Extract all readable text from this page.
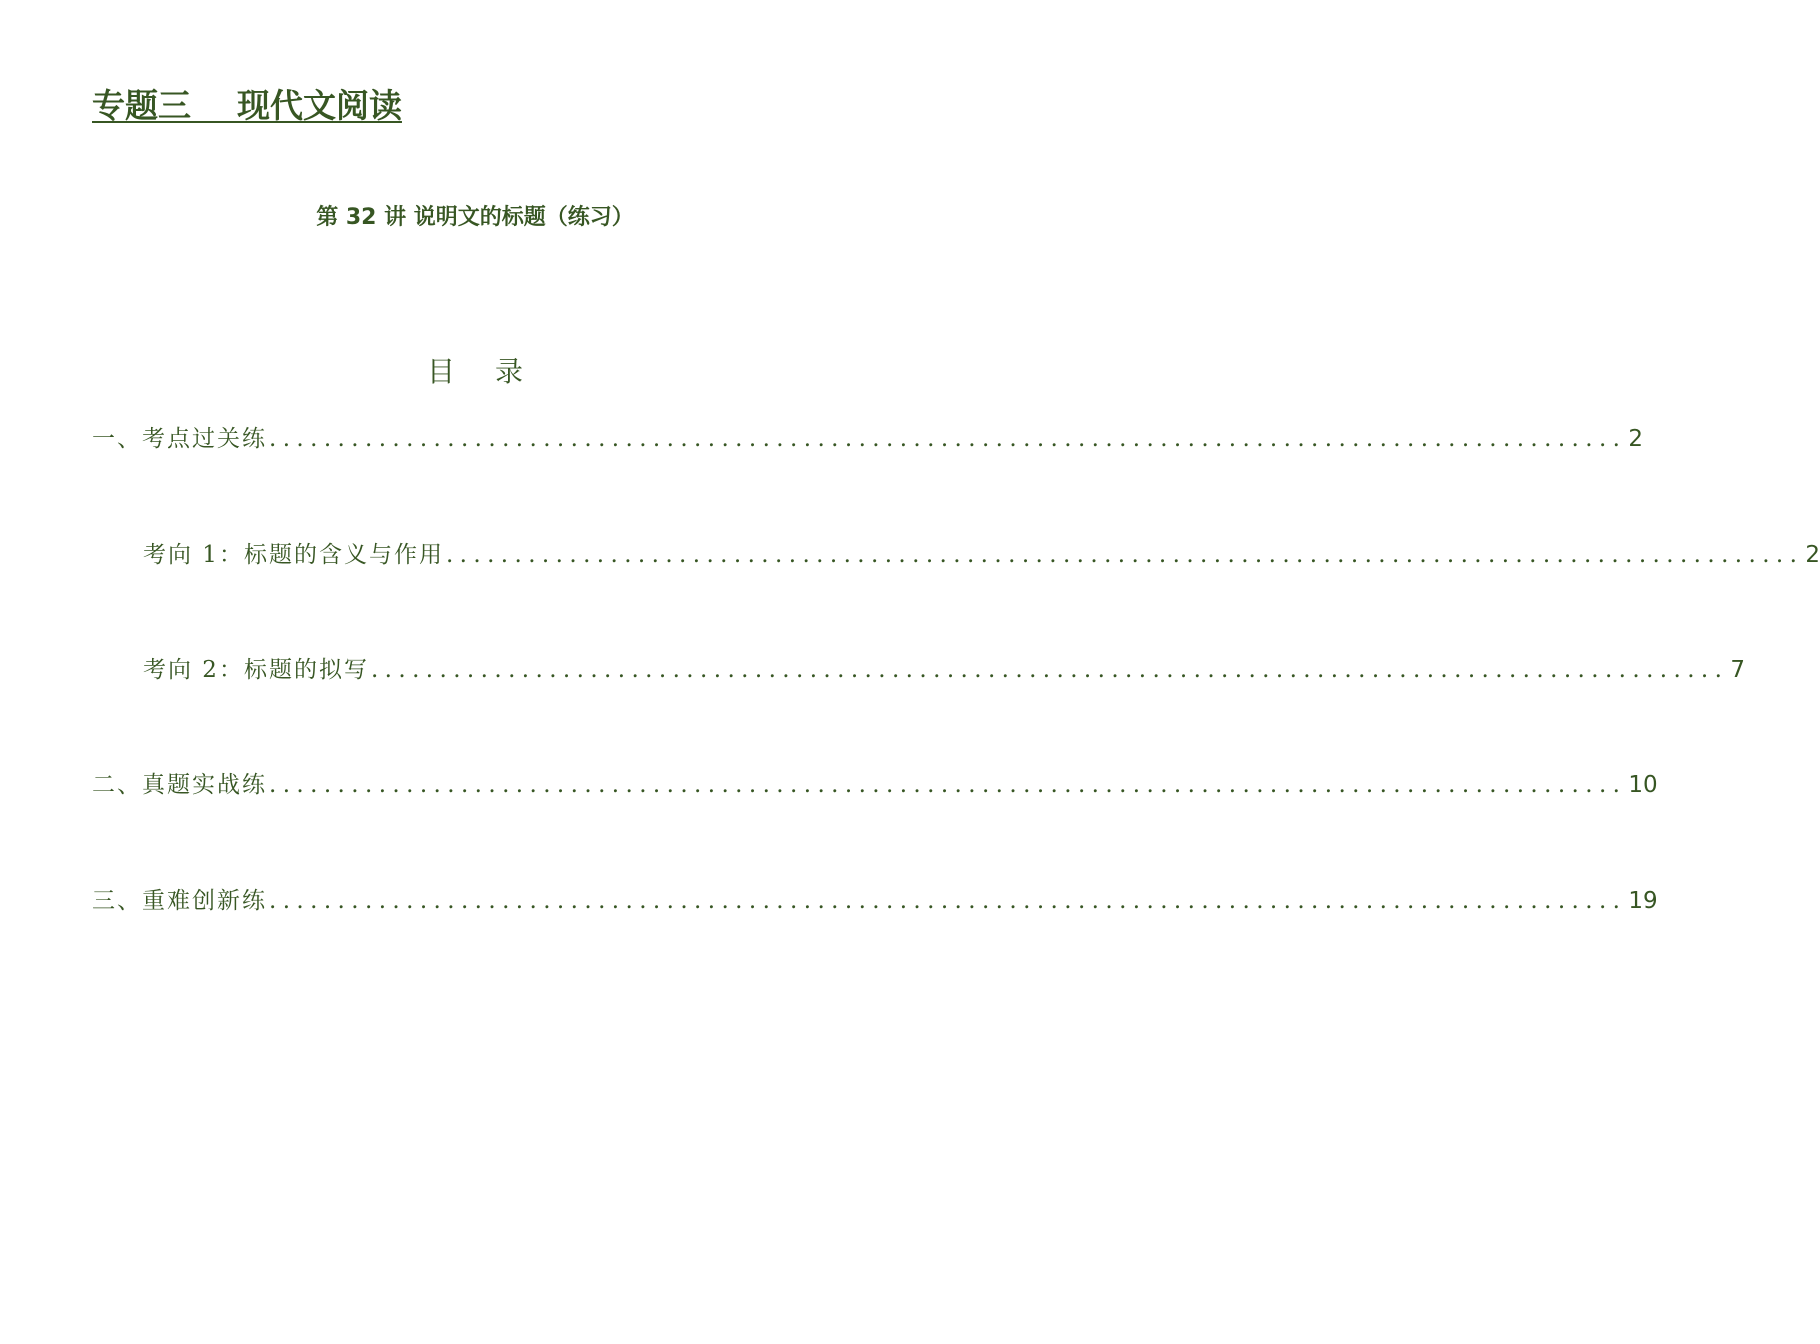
专题三    现代文阅读
第 32 讲 说明文的标题（练习）
目录
一、考点过关练 ................................................................................................... 2
考向 1：标题的含义与作用 ................................................................................................... 2
考向 2：标题的拟写 ................................................................................................... 7
二、真题实战练 ................................................................................................... 10
三、重难创新练 ................................................................................................... 19
